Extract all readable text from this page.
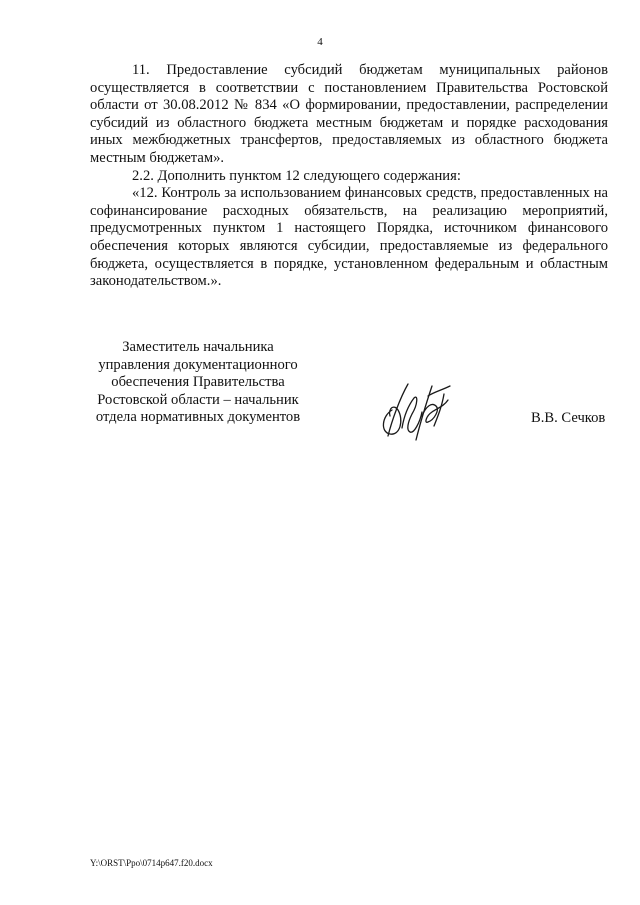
4

11. Предоставление субсидий бюджетам муниципальных районов осуществляется в соответствии с постановлением Правительства Ростовской области от 30.08.2012 № 834 «О формировании, предоставлении, распределении субсидий из областного бюджета местным бюджетам и порядке расходования иных межбюджетных трансфертов, предоставляемых из областного бюджета местным бюджетам».

2.2. Дополнить пунктом 12 следующего содержания:

«12. Контроль за использованием финансовых средств, предоставленных на софинансирование расходных обязательств, на реализацию мероприятий, предусмотренных пунктом 1 настоящего Порядка, источником финансового обеспечения которых являются субсидии, предоставляемые из федерального бюджета, осуществляется в порядке, установленном федеральным и областным законодательством.».

Заместитель начальника
управления документационного
обеспечения Правительства
Ростовской области – начальник
отдела нормативных документов	В.В. Сечков
Y:\ORST\Ppo\0714p647.f20.docx
